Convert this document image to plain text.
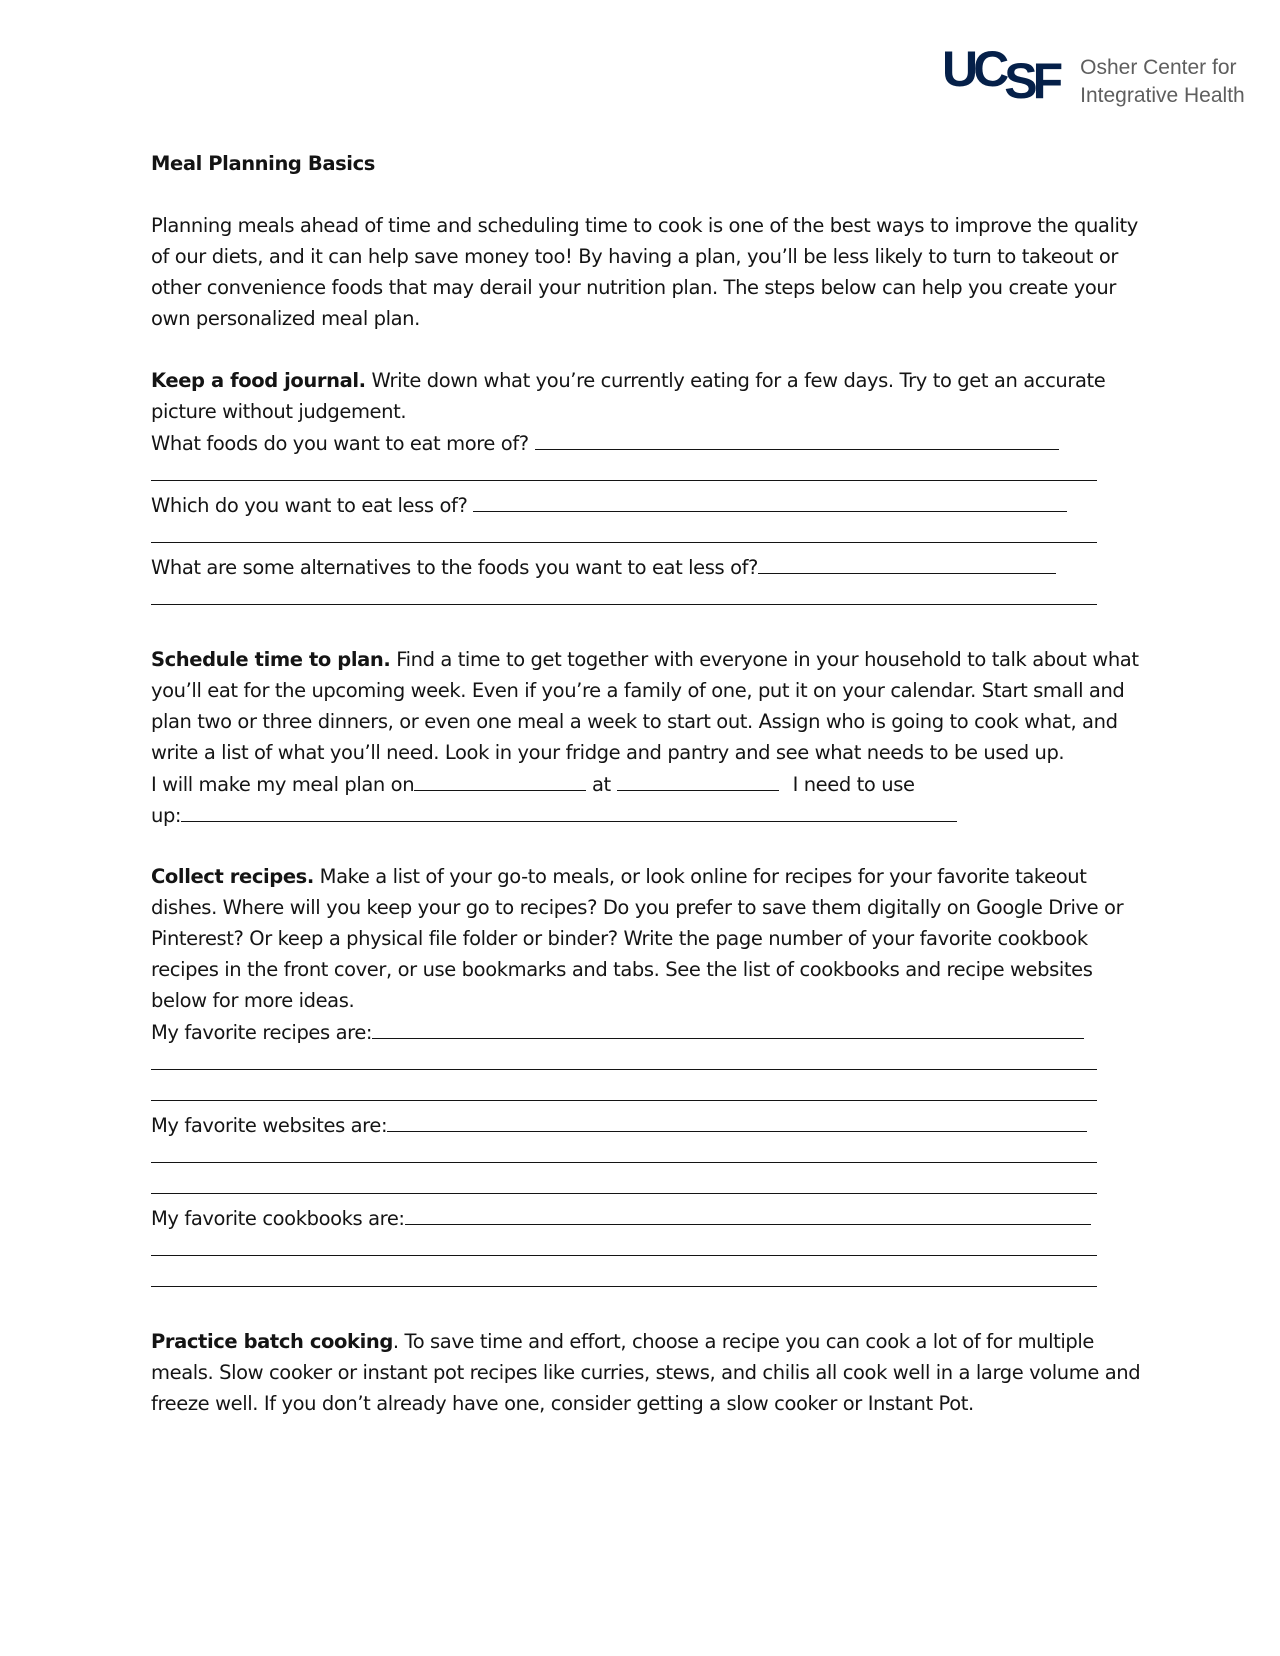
UC SF Osher Center for
Integrative Health
Meal Planning Basics

Planning meals ahead of time and scheduling time to cook is one of the best ways to improve the quality of our diets, and it can help save money too! By having a plan, you’ll be less likely to turn to takeout or other convenience foods that may derail your nutrition plan. The steps below can help you create your own personalized meal plan.

Keep a food journal. Write down what you’re currently eating for a few days. Try to get an accurate picture without judgement.
What foods do you want to eat more of?
Which do you want to eat less of?
What are some alternatives to the foods you want to eat less of?
Schedule time to plan. Find a time to get together with everyone in your household to talk about what you’ll eat for the upcoming week. Even if you’re a family of one, put it on your calendar. Start small and plan two or three dinners, or even one meal a week to start out. Assign who is going to cook what, and write a list of what you’ll need. Look in your fridge and pantry and see what needs to be used up.
I will make my meal plan on	at	I need to use
up:
Collect recipes. Make a list of your go-to meals, or look online for recipes for your favorite takeout dishes. Where will you keep your go to recipes? Do you prefer to save them digitally on Google Drive or Pinterest? Or keep a physical file folder or binder? Write the page number of your favorite cookbook recipes in the front cover, or use bookmarks and tabs. See the list of cookbooks and recipe websites below for more ideas.
My favorite recipes are:
My favorite websites are:
My favorite cookbooks are:
Practice batch cooking. To save time and effort, choose a recipe you can cook a lot of for multiple meals. Slow cooker or instant pot recipes like curries, stews, and chilis all cook well in a large volume and freeze well. If you don’t already have one, consider getting a slow cooker or Instant Pot.
